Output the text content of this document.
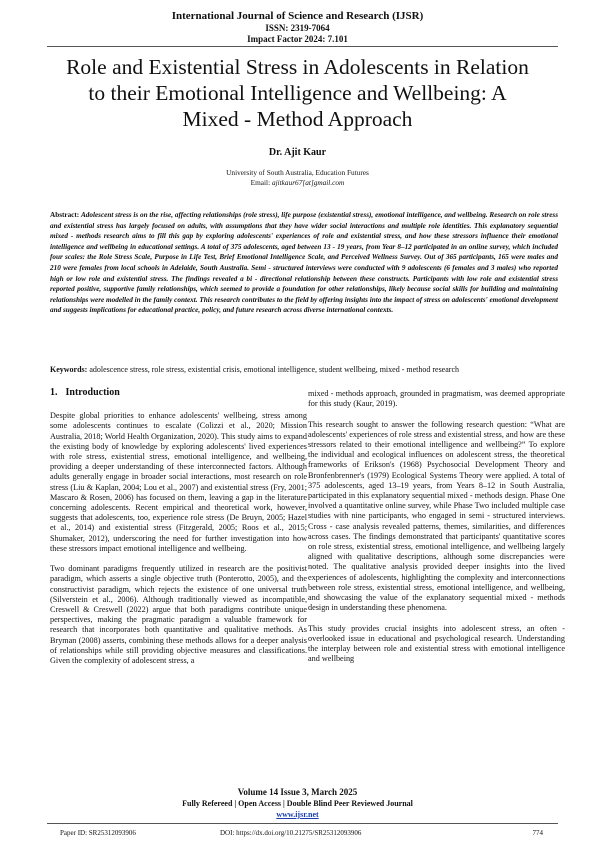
International Journal of Science and Research (IJSR)
ISSN: 2319-7064
Impact Factor 2024: 7.101
Role and Existential Stress in Adolescents in Relation to their Emotional Intelligence and Wellbeing: A Mixed - Method Approach
Dr. Ajit Kaur
University of South Australia, Education Futures
Email: ajitkaur67[at]gmail.com
Abstract: Adolescent stress is on the rise, affecting relationships (role stress), life purpose (existential stress), emotional intelligence, and wellbeing. Research on role stress and existential stress has largely focused on adults, with assumptions that they have wider social interactions and multiple role identities. This explanatory sequential mixed - methods research aims to fill this gap by exploring adolescents' experiences of role and existential stress, and how these stressors influence their emotional intelligence and wellbeing in educational settings. A total of 375 adolescents, aged between 13 - 19 years, from Year 8–12 participated in an online survey, which included four scales: the Role Stress Scale, Purpose in Life Test, Brief Emotional Intelligence Scale, and Perceived Wellness Survey. Out of 365 participants, 165 were males and 210 were females from local schools in Adelaide, South Australia. Semi - structured interviews were conducted with 9 adolescents (6 females and 3 males) who reported high or low role and existential stress. The findings revealed a bi - directional relationship between these constructs. Participants with low role and existential stress reported positive, supportive family relationships, which seemed to provide a foundation for other relationships, likely because social skills for building and maintaining relationships were modelled in the family context. This research contributes to the field by offering insights into the impact of stress on adolescents' emotional development and suggests implications for educational practice, policy, and future research across diverse international contexts.
Keywords: adolescence stress, role stress, existential crisis, emotional intelligence, student wellbeing, mixed - method research
1. Introduction

Despite global priorities to enhance adolescents' wellbeing, stress among some adolescents continues to escalate (Colizzi et al., 2020; Mission Australia, 2018; World Health Organization, 2020). This study aims to expand the existing body of knowledge by exploring adolescents' lived experiences with role stress, existential stress, emotional intelligence, and wellbeing, providing a deeper understanding of these interconnected factors. Although adults generally engage in broader social interactions, most research on role stress (Liu & Kaplan, 2004; Lou et al., 2007) and existential stress (Fry, 2001; Mascaro & Rosen, 2006) has focused on them, leaving a gap in the literature concerning adolescents. Recent empirical and theoretical work, however, suggests that adolescents, too, experience role stress (De Bruyn, 2005; Hazel et al., 2014) and existential stress (Fitzgerald, 2005; Roos et al., 2015; Shumaker, 2012), underscoring the need for further investigation into how these stressors impact emotional intelligence and wellbeing.

Two dominant paradigms frequently utilized in research are the positivist paradigm, which asserts a single objective truth (Ponterotto, 2005), and the constructivist paradigm, which rejects the existence of one universal truth (Silverstein et al., 2006). Although traditionally viewed as incompatible, Creswell & Creswell (2022) argue that both paradigms contribute unique perspectives, making the pragmatic paradigm a valuable framework for research that incorporates both quantitative and qualitative methods. As Bryman (2008) asserts, combining these methods allows for a deeper analysis of relationships while still providing objective measures and classifications. Given the complexity of adolescent stress, a

mixed - methods approach, grounded in pragmatism, was deemed appropriate for this study (Kaur, 2019).

This research sought to answer the following research question: “What are adolescents' experiences of role stress and existential stress, and how are these stressors related to their emotional intelligence and wellbeing?” To explore the individual and ecological influences on adolescent stress, the theoretical frameworks of Erikson's (1968) Psychosocial Development Theory and Bronfenbrenner's (1979) Ecological Systems Theory were applied. A total of 375 adolescents, aged 13–19 years, from Years 8–12 in South Australia, participated in this explanatory sequential mixed - methods design. Phase One involved a quantitative online survey, while Phase Two included multiple case studies with nine participants, who engaged in semi - structured interviews. Cross - case analysis revealed patterns, themes, similarities, and differences across cases. The findings demonstrated that participants' quantitative scores on role stress, existential stress, emotional intelligence, and wellbeing largely aligned with qualitative descriptions, although some discrepancies were noted. The qualitative analysis provided deeper insights into the lived experiences of adolescents, highlighting the complexity and interconnections between role stress, existential stress, emotional intelligence, and wellbeing, and showcasing the value of the explanatory sequential mixed - methods design in understanding these phenomena.

This study provides crucial insights into adolescent stress, an often - overlooked issue in educational and psychological research. Understanding the interplay between role and existential stress with emotional intelligence and wellbeing

Volume 14 Issue 3, March 2025
Fully Refereed | Open Access | Double Blind Peer Reviewed Journal
www.ijsr.net
Paper ID: SR25312093906	DOI: https://dx.doi.org/10.21275/SR25312093906	774
